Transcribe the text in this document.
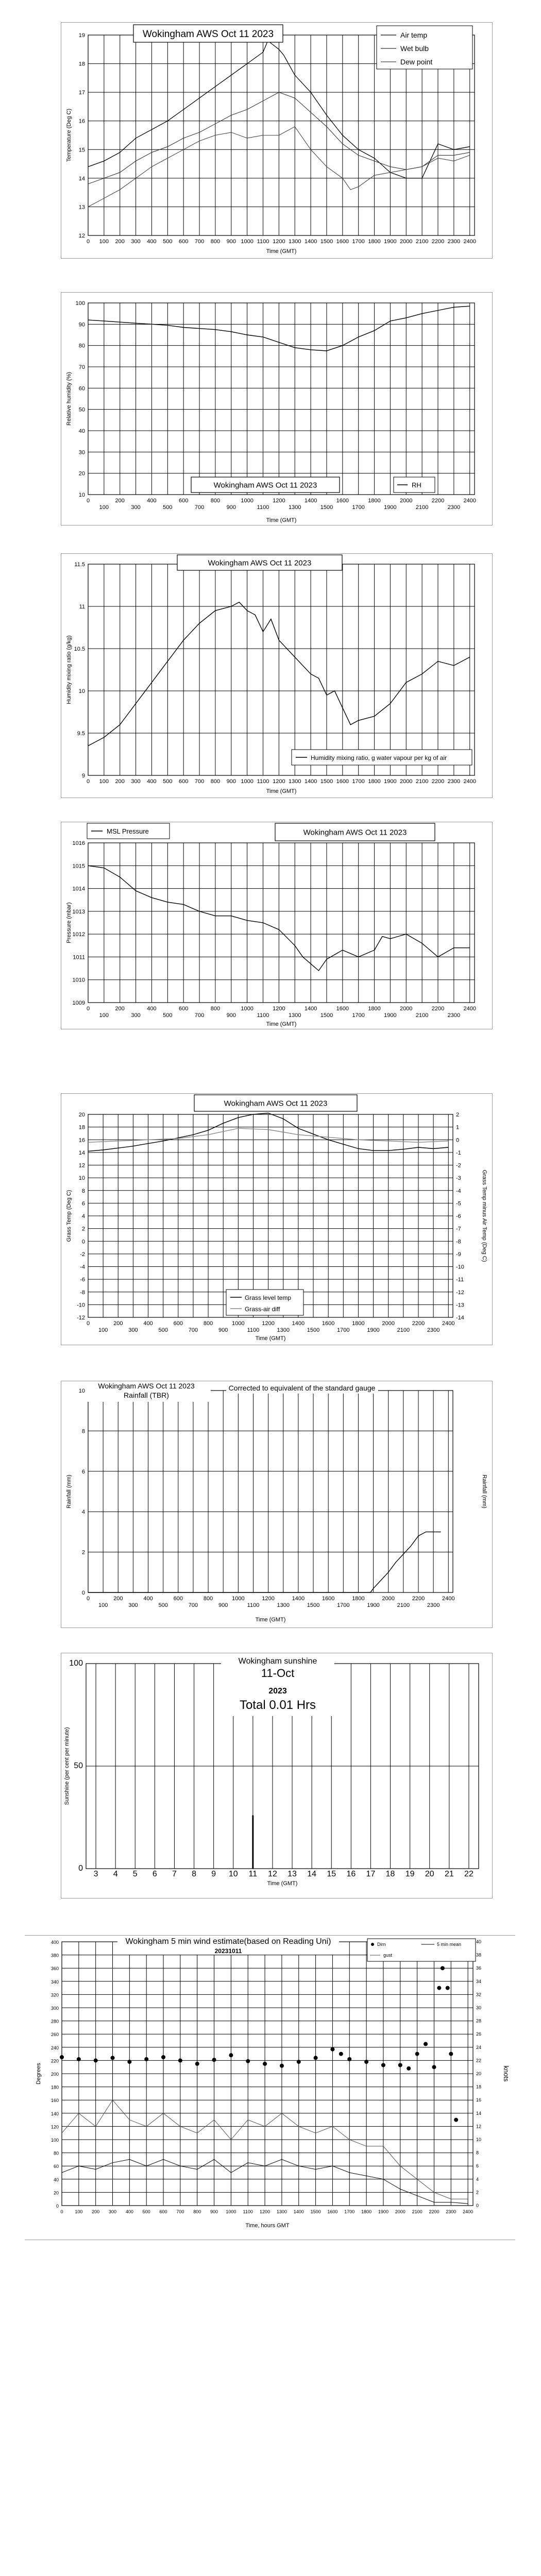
12
13
14
15
16
17
18
19
0 100 200 300 400 500 600 700 800 900 1000 1100 1200 1300 1400 1500 1600 1700 1800 1900 2000 2100 2200 2300 2400
Time (GMT)
Temperature (Deg C)
Wokingham AWS Oct 11 2023	Air temp
Wet bulb
Dew point
10
20
30
40
50
60
70
80
90
100
0	200	400	600	800	1000	1200	1400	1600	1800	2000	2200	2400
100	300	500	700	900	1100	1300	1500	1700	1900	2100	2300
Time (GMT)
Relative humidity (%)
Wokingham AWS Oct 11 2023	RH
9
9.5
10
10.5
11
11.5
0 100 200 300 400 500 600 700 800 900 1000 1100 1200 1300 1400 1500 1600 1700 1800 1900 2000 2100 2200 2300 2400
Time (GMT)
Humidity mixing ratio (g/kg)
Wokingham AWS Oct 11 2023
Humidity mixing ratio, g water vapour per kg of air
1009
1010
1011
1012
1013
1014
1015
1016
0	200	400	600	800	1000	1200	1400	1600	1800	2000	2200	2400
100	300	500	700	900	1100	1300	1500	1700	1900	2100	2300
Time (GMT)
Pressure (mbar)
Wokingham AWS Oct 11 2023
MSL Pressure
-12
-10
-8
-6
-4
-2
0
2
4
6
8
10
12
14
16
18
20
0	200	400	600	800	1000	1200	1400	1600	1800	2000	2200	2400
100	300	500	700	900	1100	1300	1500	1700	1900	2100	2300
Time (GMT)
Grass Temp (Deg C)
-14
-13
-12
-11
-10
-9
-8
-7
-6
-5
-4
-3
-2
-1
0
1
2
Grass Temp minus Air Temp (Deg C)
Wokingham AWS Oct 11 2023
Grass level temp
Grass-air diff
0
2
4
6
8
10
0	200	400	600	800	1000	1200	1400	1600	1800	2000	2200	2400
100	300	500	700	900	1100	1300	1500	1700	1900	2100	2300
Time (GMT)
Rainfall (mm)	Rainfall (mm)
Wokingham AWS Oct 11 2023
Rainfall (TBR)
Corrected to equivalent of the standard gauge
0
50
100
3 4 5 6 7 8 9 10 11 12 13 14 15 16 17 18 19 20 21 22
Time (GMT)
Sunshine (per cent per minute)
Wokingham sunshine
11-Oct
2023
Total 0.01 Hrs
0
20
40
60
80
100
120
140
160
180
200
220
240
260
280
300
320
340
360
380
400
0	100 200 300 400 500 600 700 800 900 1000 1100 1200 1300 1400 1500 1600 1700 1800 1900 2000 2100 2200 2300 2400
Time, hours GMT
Degrees
0
2
4
6
8
10
12
14
16
18
20
22
24
26
28
30
32
34
36
38
40
knots
Wokingham 5 min wind estimate(based on Reading Uni)
20231011
Dirn	5 min mean
gust
